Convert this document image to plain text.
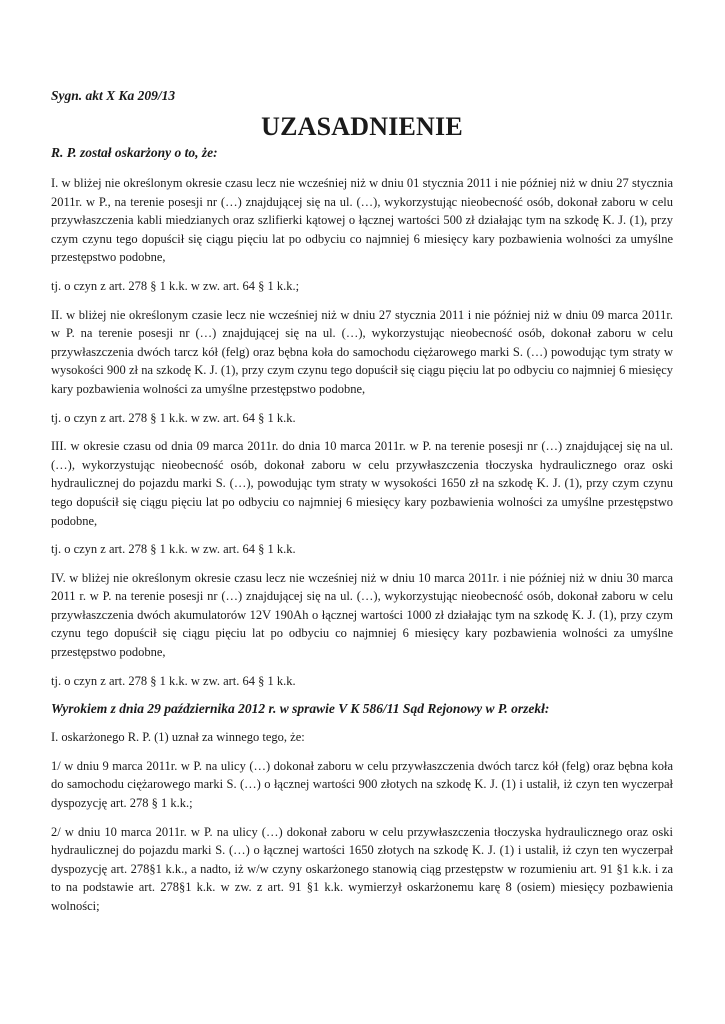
Sygn. akt X Ka 209/13

UZASADNIENIE

R. P. został oskarżony o to, że:

I. w bliżej nie określonym okresie czasu lecz nie wcześniej niż w dniu 01 stycznia 2011 i nie później niż w dniu 27 stycznia 2011r. w P., na terenie posesji nr (…) znajdującej się na ul. (…), wykorzystując nieobecność osób, dokonał zaboru w celu przywłaszczenia kabli miedzianych oraz szlifierki kątowej o łącznej wartości 500 zł działając tym na szkodę K. J. (1), przy czym czynu tego dopuścił się ciągu pięciu lat po odbyciu co najmniej 6 miesięcy kary pozbawienia wolności za umyślne przestępstwo podobne,

tj. o czyn z art. 278 § 1 k.k. w zw. art. 64 § 1 k.k.;

II. w bliżej nie określonym czasie lecz nie wcześniej niż w dniu 27 stycznia 2011 i nie później niż w dniu 09 marca 2011r. w P. na terenie posesji nr (…) znajdującej się na ul. (…), wykorzystując nieobecność osób, dokonał zaboru w celu przywłaszczenia dwóch tarcz kół (felg) oraz bębna koła do samochodu ciężarowego marki S. (…) powodując tym straty w wysokości 900 zł na szkodę K. J. (1), przy czym czynu tego dopuścił się ciągu pięciu lat po odbyciu co najmniej 6 miesięcy kary pozbawienia wolności za umyślne przestępstwo podobne,

tj. o czyn z art. 278 § 1 k.k. w zw. art. 64 § 1 k.k.

III. w okresie czasu od dnia 09 marca 2011r. do dnia 10 marca 2011r. w P. na terenie posesji nr (…) znajdującej się na ul. (…), wykorzystując nieobecność osób, dokonał zaboru w celu przywłaszczenia tłoczyska hydraulicznego oraz oski hydraulicznej do pojazdu marki S. (…), powodując tym straty w wysokości 1650 zł na szkodę K. J. (1), przy czym czynu tego dopuścił się ciągu pięciu lat po odbyciu co najmniej 6 miesięcy kary pozbawienia wolności za umyślne przestępstwo podobne,

tj. o czyn z art. 278 § 1 k.k. w zw. art. 64 § 1 k.k.

IV. w bliżej nie określonym okresie czasu lecz nie wcześniej niż w dniu 10 marca 2011r. i nie później niż w dniu 30 marca 2011 r. w P. na terenie posesji nr (…) znajdującej się na ul. (…), wykorzystując nieobecność osób, dokonał zaboru w celu przywłaszczenia dwóch akumulatorów 12V 190Ah o łącznej wartości 1000 zł działając tym na szkodę K. J. (1), przy czym czynu tego dopuścił się ciągu pięciu lat po odbyciu co najmniej 6 miesięcy kary pozbawienia wolności za umyślne przestępstwo podobne,

tj. o czyn z art. 278 § 1 k.k. w zw. art. 64 § 1 k.k.

Wyrokiem z dnia 29 października 2012 r. w sprawie V K 586/11 Sąd Rejonowy w P. orzekł:

I. oskarżonego R. P. (1) uznał za winnego tego, że:

1/ w dniu 9 marca 2011r. w P. na ulicy (…) dokonał zaboru w celu przywłaszczenia dwóch tarcz kół (felg) oraz bębna koła do samochodu ciężarowego marki S. (…) o łącznej wartości 900 złotych na szkodę K. J. (1) i ustalił, iż czyn ten wyczerpał dyspozycję art. 278 § 1 k.k.;

2/ w dniu 10 marca 2011r. w P. na ulicy (…) dokonał zaboru w celu przywłaszczenia tłoczyska hydraulicznego oraz oski hydraulicznej do pojazdu marki S. (…) o łącznej wartości 1650 złotych na szkodę K. J. (1) i ustalił, iż czyn ten wyczerpał dyspozycję art. 278§1 k.k., a nadto, iż w/w czyny oskarżonego stanowią ciąg przestępstw w rozumieniu art. 91 §1 k.k. i za to na podstawie art. 278§1 k.k. w zw. z art. 91 §1 k.k. wymierzył oskarżonemu karę 8 (osiem) miesięcy pozbawienia wolności;
